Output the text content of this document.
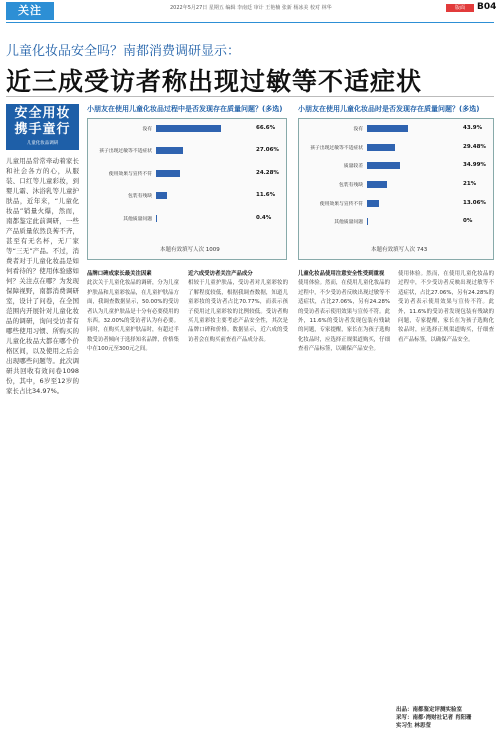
关注	2022年5月27日 星期五 编辑 李南廷 审计 王艳楠 张新 杨冰美 校对 林华	版面	B04
儿童化妆品安全吗？南都消费调研显示：
近三成受访者称出现过敏等不适症状
安全用妆
携手童行
儿童化妆品调研
儿童用品常常牵动着家长和社会各方的心，从服装、口红等儿童彩妆，到婴儿霜、沐浴乳等儿童护肤品，近年来，“儿童化妆品”销量火爆，然而，南都鉴定此前调研，一些产品质量依然良莠不齐，甚至有无名杯，无厂家等“三无”产品。不过，消费者对于儿童化妆品是如何看待的？使用体验感如何？关注点在哪？为发现保障视野，南都消费调研室，设计了问卷，在全国范围内开展针对儿童化妆品的调研，询问受访者有哪些使用习惯、所购买的儿童化妆品大都在哪个价格区间，以及使用之后会出现哪些问题等。此次调研共回收有效问卷1098份，其中，6岁至12岁的家长占比34.97%。
小朋友在使用儿童化妆品过程中是否发现存在质量问题？(多选)
没有	66.6%
孩子出现过敏等不适症状	27.06%
使用效果与宣传不符	24.28%
包装有残缺	11.6%
其他质量问题	0.4%
本题有效填写人次 1009
小朋友在使用儿童化妆品时是否发现存在质量问题？(多选)
没有	43.9%
孩子出现过敏等不适症状	29.48%
质量较差	34.99%
包装有残缺	21%
使用效果与宣传不符	13.06%
其他质量问题	0%
本题有效填写人次 743
品牌口碑成家长最关注因素
此次关于儿童化妆品的调研，分为儿童护肤品和儿童彩妆品，在儿童护肤品方面，我调查数据显示，50.00%的受访者认为儿童护肤品是十分有必要使用的东西。32.00%的受访者认为有必要。同时，在购买儿童护肤品时，有超过半数受访者倾向于选择知名品牌，价格集中在100元至300元之间。
近六成受访者关注产品成分
相较于儿童护肤品，受访者对儿童彩妆的了解程度较低，根据我调查数据，知道儿童彩妆的受访者占比70.77%，而表示孩子使用过儿童彩妆的比例较低。受访者购买儿童彩妆主要考虑产品安全性，其次是品牌口碑和价格。数据显示，近六成的受访者会在购买前查看产品成分表。
儿童化妆品使用注意安全性受到重视
使用体验。然而，在使用儿童化妆品的过程中，不少受访者反映出现过敏等不适症状，占比27.06%，另有24.28%的受访者表示使用效果与宣传不符。此外，11.6%的受访者发现包装有残缺的问题，专家提醒，家长在为孩子选购化妆品时，应选择正规渠道购买，仔细查看产品标签，以确保产品安全。
使用体验。然而，在使用儿童化妆品的过程中，不少受访者反映出现过敏等不适症状，占比27.06%，另有24.28%的受访者表示使用效果与宣传不符。此外，11.6%的受访者发现包装有残缺的问题，专家提醒，家长在为孩子选购化妆品时，应选择正规渠道购买，仔细查看产品标签，以确保产品安全。
出品：南都鉴定评测实验室
采写：南都·湾财社记者 肖阳珊
实习生 林思莹
